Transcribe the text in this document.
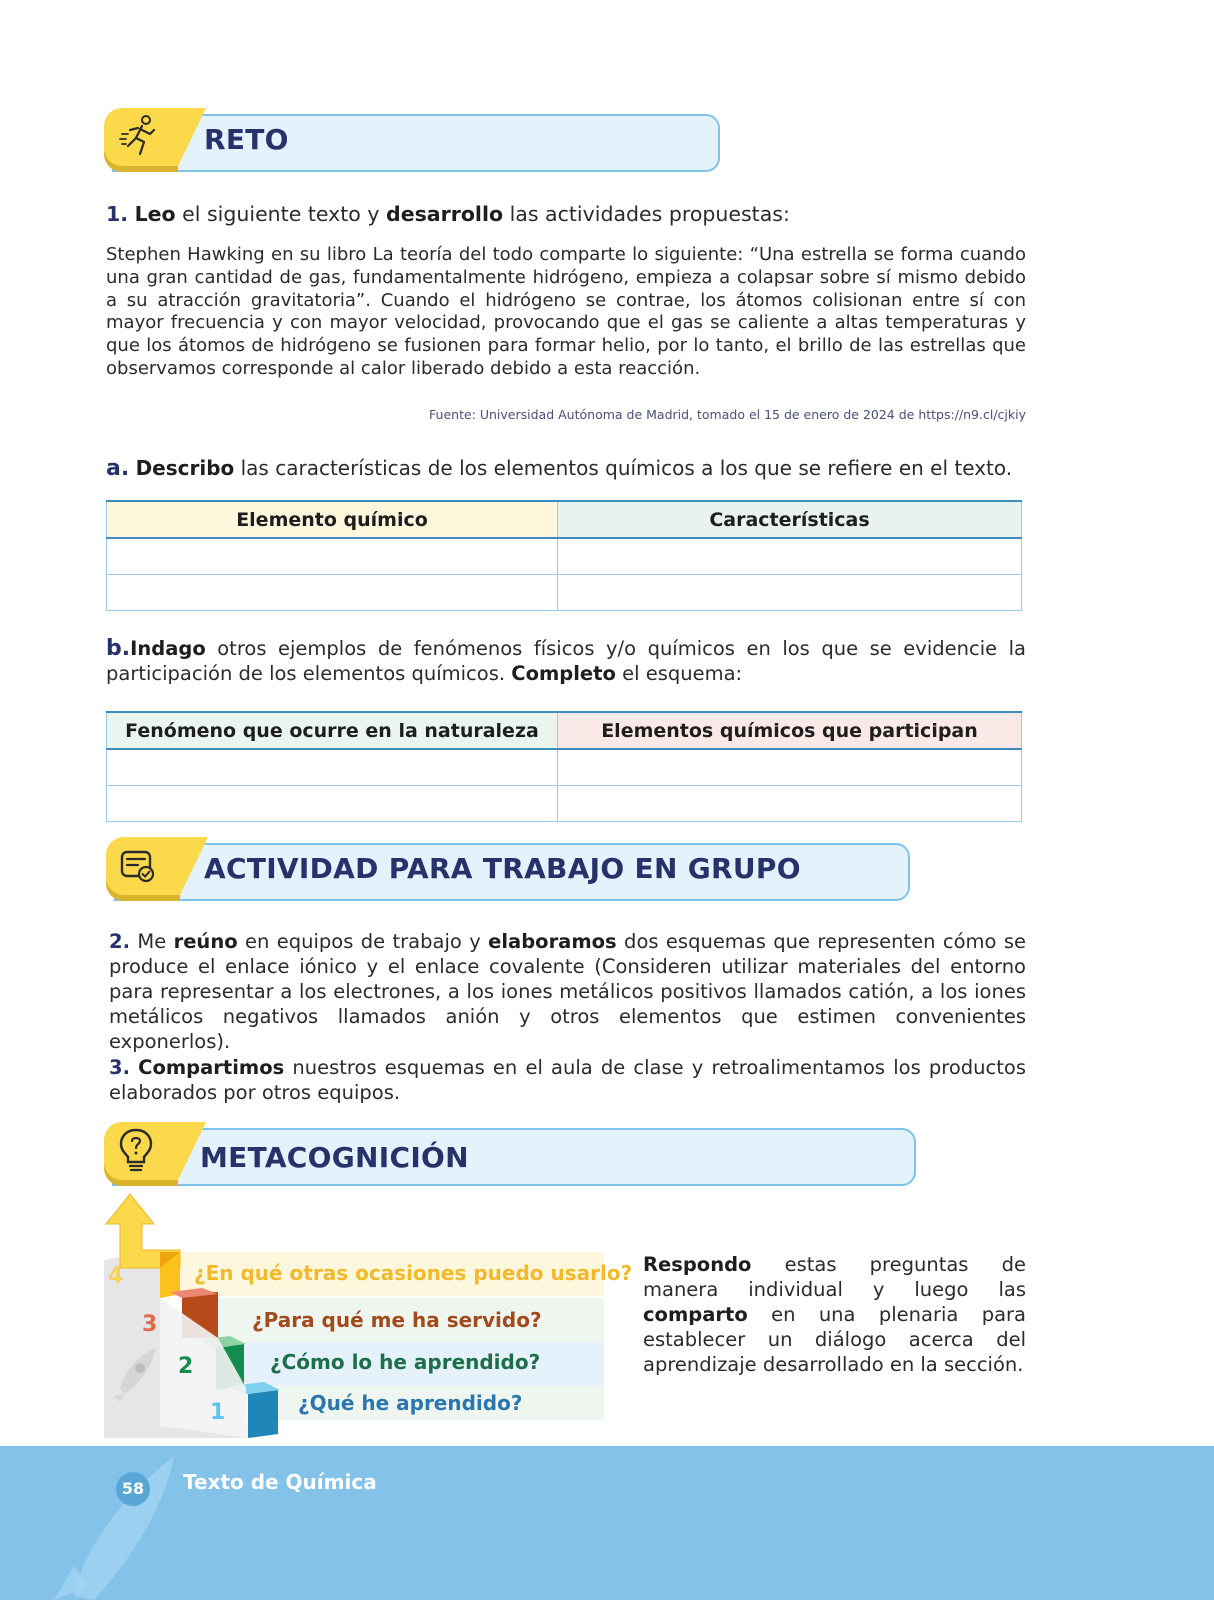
RETO
1. Leo el siguiente texto y desarrollo las actividades propuestas:
Stephen Hawking en su libro La teoría del todo comparte lo siguiente: “Una estrella se forma cuando una gran cantidad de gas, fundamentalmente hidrógeno, empieza a colapsar sobre sí mismo debido a su atracción gravitatoria”. Cuando el hidrógeno se contrae, los átomos colisionan entre sí con mayor frecuencia y con mayor velocidad, provocando que el gas se caliente a altas temperaturas y que los átomos de hidrógeno se fusionen para formar helio, por lo tanto, el brillo de las estrellas que observamos corresponde al calor liberado debido a esta reacción.
Fuente: Universidad Autónoma de Madrid, tomado el 15 de enero de 2024 de https://n9.cl/cjkiy
a. Describo las características de los elementos químicos a los que se refiere en el texto.
Elemento químico	Características

b.Indago otros ejemplos de fenómenos físicos y/o químicos en los que se evidencie la participación de los elementos químicos. Completo el esquema:
Fenómeno que ocurre en la naturaleza	Elementos químicos que participan

ACTIVIDAD PARA TRABAJO EN GRUPO
2. Me reúno en equipos de trabajo y elaboramos dos esquemas que representen cómo se produce el enlace iónico y el enlace covalente (Consideren utilizar materiales del entorno para representar a los electrones, a los iones metálicos positivos llamados catión, a los iones metálicos negativos llamados anión y otros elementos que estimen convenientes exponerlos).
3. Compartimos nuestros esquemas en el aula de clase y retroalimentamos los productos elaborados por otros equipos.
METACOGNICIÓN
4
3
2
1
¿En qué otras ocasiones puedo usarlo?
¿Para qué me ha servido?
¿Cómo lo he aprendido?
¿Qué he aprendido?
Respondo estas preguntas de manera individual y luego las comparto en una plenaria para establecer un diálogo acerca del aprendizaje desarrollado en la sección.
58 Texto de Química
